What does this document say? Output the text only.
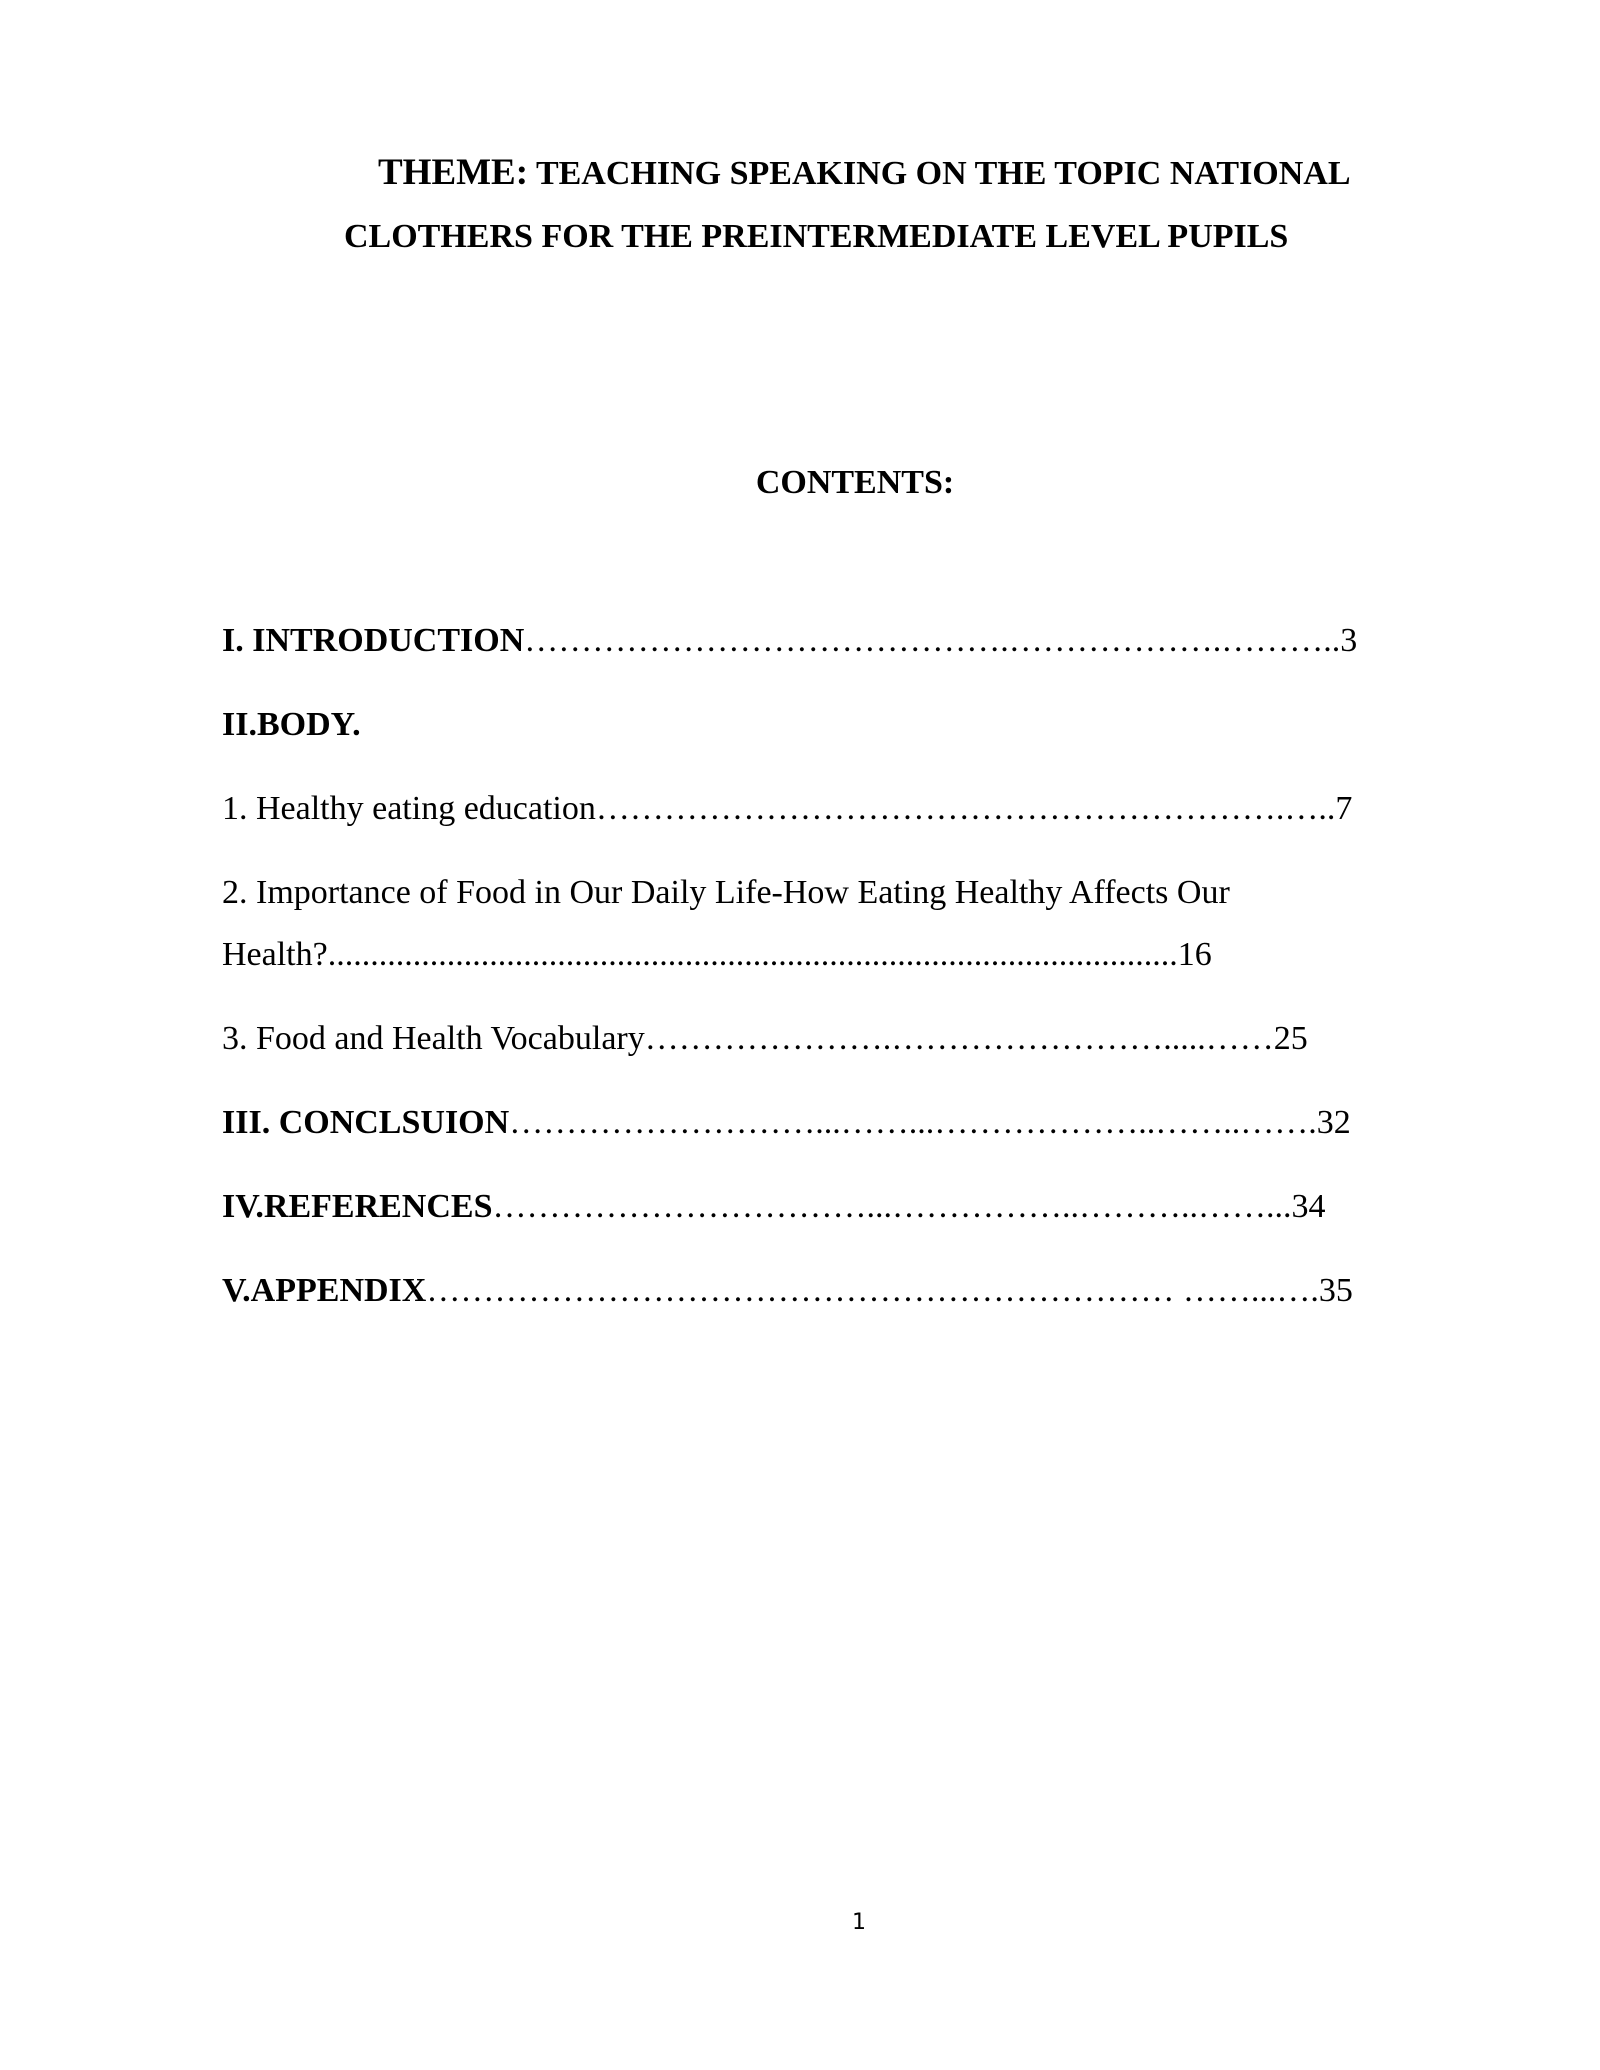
THEME: TEACHING SPEAKING ON THE TOPIC NATIONAL
CLOTHERS FOR THE PREINTERMEDIATE LEVEL PUPILS
CONTENTS:
I. INTRODUCTION…………………………………….……………….………..3
II.BODY.
1. Healthy eating education…………………………………………………….…..7
2. Importance of Food in Our Daily Life-How Eating Healthy Affects Our
Health?....................................................................................................16
3. Food and Health Vocabulary………………….…………………….....……25
III. CONCLSUION………………………...……...………………..……..…….32
IV.REFERENCES……………………………...……………..………..……...34
V.APPENDIX………………………………………………………… ……...….35
1
